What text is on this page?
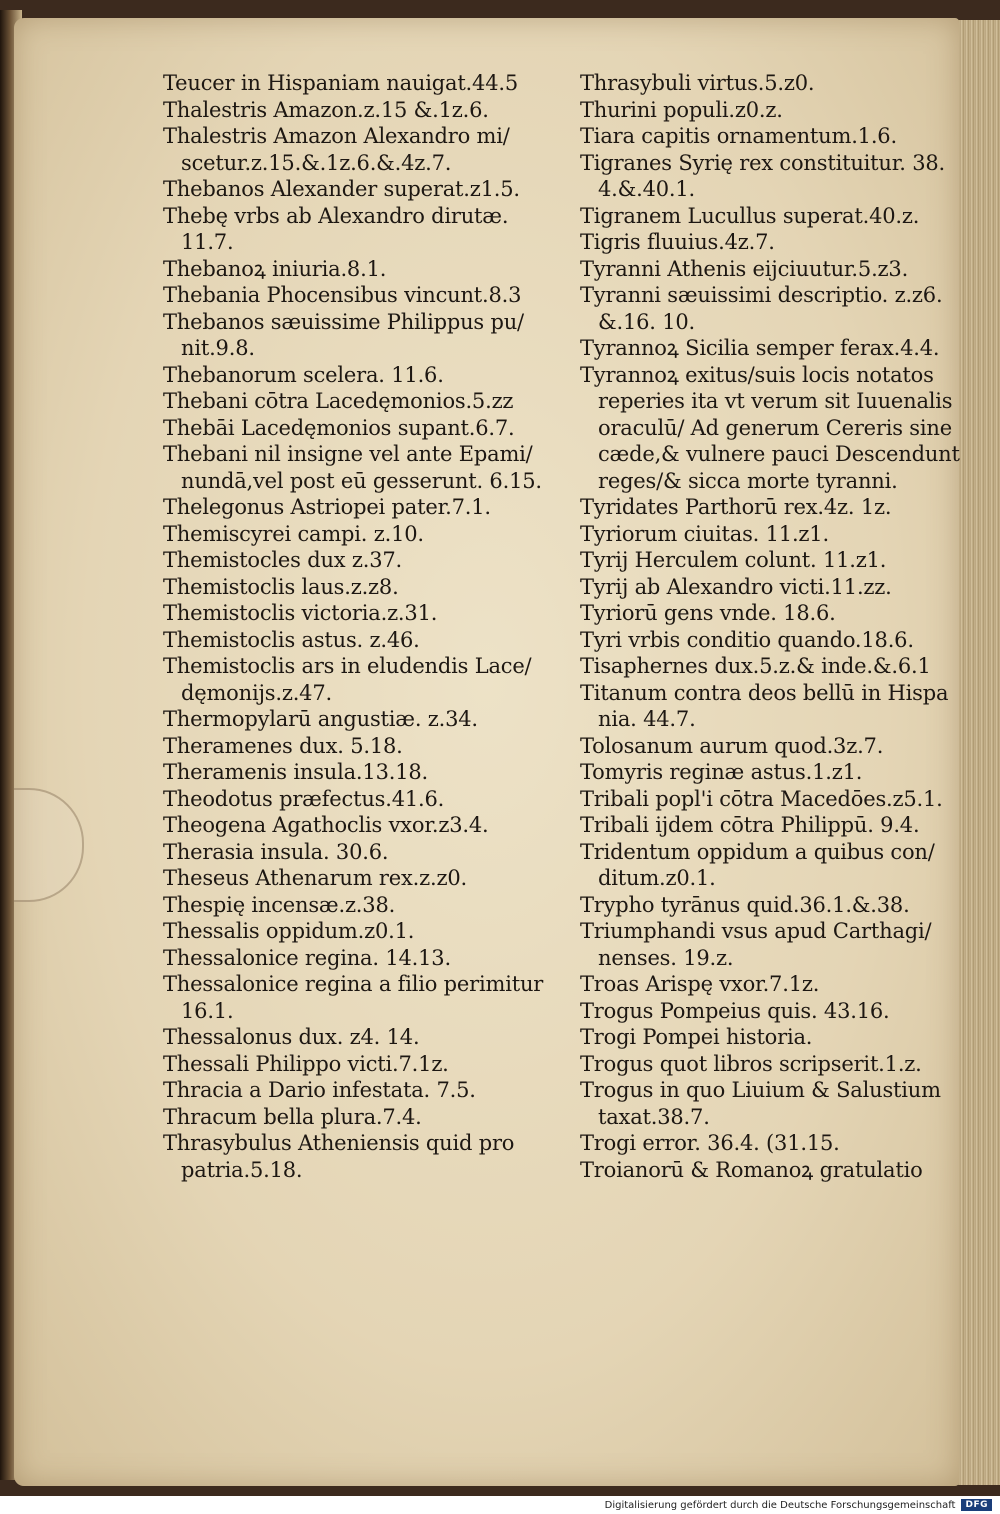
Teucer in Hispaniam nauigat.44.5
Thalestris Amazon.z.15 &.1z.6.
Thalestris Amazon Alexandro mi/
scetur.z.15.&.1z.6.&.4z.7.
Thebanos Alexander superat.z1.5.
Thebę vrbs ab Alexandro dirutæ.
11.7.
Thebanoꝝ iniuria.8.1.
Thebania Phocensibus vincunt.8.3
Thebanos sæuissime Philippus pu/
nit.9.8.
Thebanorum scelera. 11.6.
Thebani cōtra Lacedęmonios.5.zz
Thebāi Lacedęmonios supant.6.7.
Thebani nil insigne vel ante Epami/
nundā,vel post eū gesserunt. 6.15.
Thelegonus Astriopei pater.7.1.
Themiscyrei campi. z.10.
Themistocles dux z.37.
Themistoclis laus.z.z8.
Themistoclis victoria.z.31.
Themistoclis astus. z.46.
Themistoclis ars in eludendis Lace/
dęmonijs.z.47.
Thermopylarū angustiæ. z.34.
Theramenes dux. 5.18.
Theramenis insula.13.18.
Theodotus præfectus.41.6.
Theogena Agathoclis vxor.z3.4.
Therasia insula. 30.6.
Theseus Athenarum rex.z.z0.
Thespię incensæ.z.38.
Thessalis oppidum.z0.1.
Thessalonice regina. 14.13.
Thessalonice regina a filio perimitur
16.1.
Thessalonus dux. z4. 14.
Thessali Philippo victi.7.1z.
Thracia a Dario infestata. 7.5.
Thracum bella plura.7.4.
Thrasybulus Atheniensis quid pro
patria.5.18.
Thrasybuli virtus.5.z0.
Thurini populi.z0.z.
Tiara capitis ornamentum.1.6.
Tigranes Syrię rex constituitur. 38.
4.&.40.1.
Tigranem Lucullus superat.40.z.
Tigris fluuius.4z.7.
Tyranni Athenis eijciuutur.5.z3.
Tyranni sæuissimi descriptio. z.z6.
&.16. 10.
Tyrannoꝝ Sicilia semper ferax.4.4.
Tyrannoꝝ exitus/suis locis notatos
reperies ita vt verum sit Iuuenalis
oraculū/ Ad generum Cereris sine
cæde,& vulnere pauci Descendunt
reges/& sicca morte tyranni.
Tyridates Parthorū rex.4z. 1z.
Tyriorum ciuitas. 11.z1.
Tyrij Herculem colunt. 11.z1.
Tyrij ab Alexandro victi.11.zz.
Tyriorū gens vnde. 18.6.
Tyri vrbis conditio quando.18.6.
Tisaphernes dux.5.z.& inde.&.6.1
Titanum contra deos bellū in Hispa
nia. 44.7.
Tolosanum aurum quod.3z.7.
Tomyris reginæ astus.1.z1.
Tribali popl'i cōtra Macedōes.z5.1.
Tribali ijdem cōtra Philippū. 9.4.
Tridentum oppidum a quibus con/
ditum.z0.1.
Trypho tyrānus quid.36.1.&.38.
Triumphandi vsus apud Carthagi/
nenses. 19.z.
Troas Arispę vxor.7.1z.
Trogus Pompeius quis. 43.16.
Trogi Pompei historia.
Trogus quot libros scripserit.1.z.
Trogus in quo Liuium & Salustium
taxat.38.7.
Trogi error. 36.4. (31.15.
Troianorū & Romanoꝝ gratulatio
Digitalisierung gefördert durch die Deutsche Forschungsgemeinschaft	DFG
